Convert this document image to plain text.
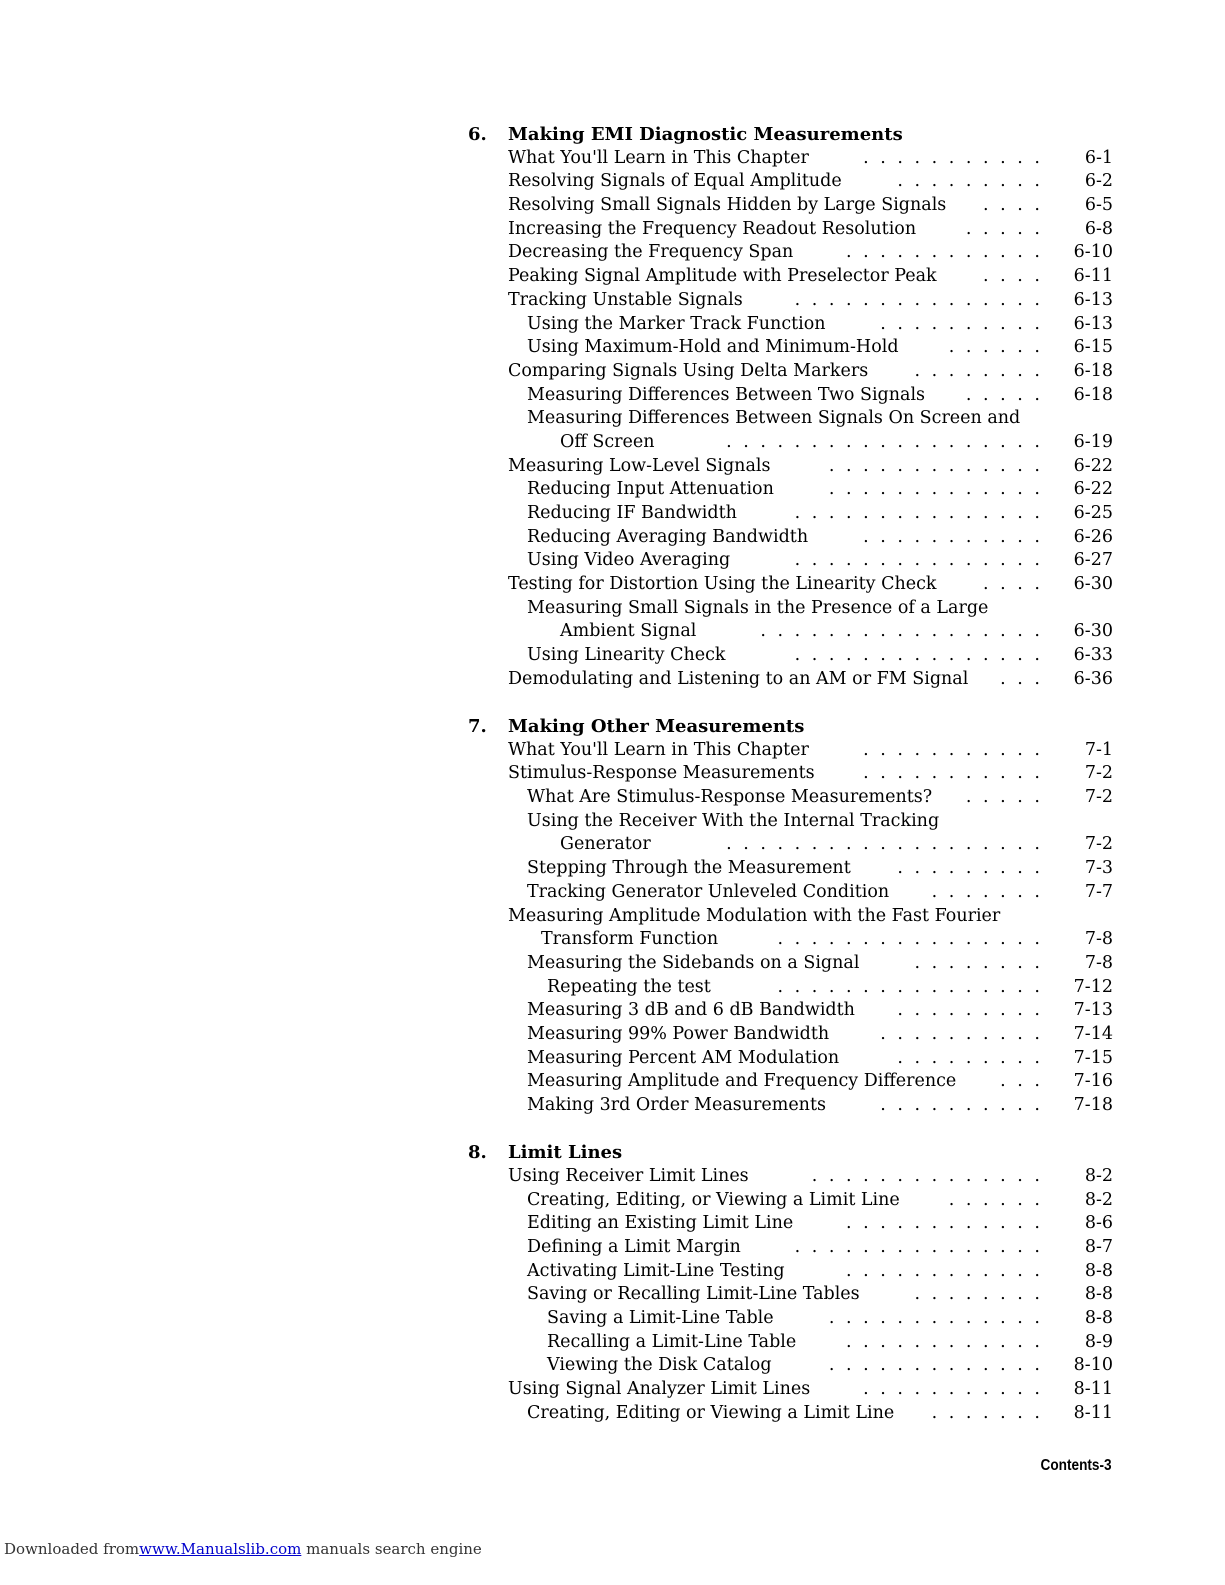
6.	Making EMI Diagnostic Measurements
What You'll Learn in This Chapter	. . . . . . . . . . .	6-1
Resolving Signals of Equal Amplitude	. . . . . . . . .	6-2
Resolving Small Signals Hidden by Large Signals	. . . .	6-5
Increasing the Frequency Readout Resolution	. . . . .	6-8
Decreasing the Frequency Span	. . . . . . . . . . . . 6-10
Peaking Signal Amplitude with Preselector Peak	. . . . 6-11
Tracking Unstable Signals	. . . . . . . . . . . . . . . 6-13
Using the Marker Track Function	. . . . . . . . . . 6-13
Using Maximum-Hold and Minimum-Hold	. . . . . . 6-15
Comparing Signals Using Delta Markers	. . . . . . . . 6-18
Measuring Differences Between Two Signals	. . . . . 6-18
Measuring Differences Between Signals On Screen and
Off Screen	. . . . . . . . . . . . . . . . . . . 6-19
Measuring Low-Level Signals	. . . . . . . . . . . . . 6-22
Reducing Input Attenuation	. . . . . . . . . . . . . 6-22
Reducing IF Bandwidth	. . . . . . . . . . . . . . . 6-25
Reducing Averaging Bandwidth	. . . . . . . . . . . 6-26
Using Video Averaging	. . . . . . . . . . . . . . . 6-27
Testing for Distortion Using the Linearity Check	. . . . 6-30
Measuring Small Signals in the Presence of a Large
Ambient Signal	. . . . . . . . . . . . . . . . . 6-30
Using Linearity Check	. . . . . . . . . . . . . . . 6-33
Demodulating and Listening to an AM or FM Signal	. . . 6-36
7.	Making Other Measurements
What You'll Learn in This Chapter	. . . . . . . . . . .	7-1
Stimulus-Response Measurements	. . . . . . . . . . .	7-2
What Are Stimulus-Response Measurements?	. . . . .	7-2
Using the Receiver With the Internal Tracking
Generator	. . . . . . . . . . . . . . . . . . .	7-2
Stepping Through the Measurement	. . . . . . . . .	7-3
Tracking Generator Unleveled Condition	. . . . . . .	7-7
Measuring Amplitude Modulation with the Fast Fourier
Transform Function	. . . . . . . . . . . . . . . .	7-8
Measuring the Sidebands on a Signal	. . . . . . . .	7-8
Repeating the test	. . . . . . . . . . . . . . . . 7-12
Measuring 3 dB and 6 dB Bandwidth	. . . . . . . . . 7-13
Measuring 99% Power Bandwidth	. . . . . . . . . . 7-14
Measuring Percent AM Modulation	. . . . . . . . . 7-15
Measuring Amplitude and Frequency Difference	. . . 7-16
Making 3rd Order Measurements	. . . . . . . . . . 7-18
8.	Limit Lines
Using Receiver Limit Lines	. . . . . . . . . . . . . .	8-2
Creating, Editing, or Viewing a Limit Line	. . . . . .	8-2
Editing an Existing Limit Line	. . . . . . . . . . . .	8-6
Defining a Limit Margin	. . . . . . . . . . . . . . .	8-7
Activating Limit-Line Testing	. . . . . . . . . . . .	8-8
Saving or Recalling Limit-Line Tables	. . . . . . . .	8-8
Saving a Limit-Line Table	. . . . . . . . . . . . .	8-8
Recalling a Limit-Line Table	. . . . . . . . . . . .	8-9
Viewing the Disk Catalog	. . . . . . . . . . . . . 8-10
Using Signal Analyzer Limit Lines	. . . . . . . . . . . 8-11
Creating, Editing or Viewing a Limit Line	. . . . . . . 8-11
Contents-3
Downloaded fromwww.Manualslib.com manuals search engine
